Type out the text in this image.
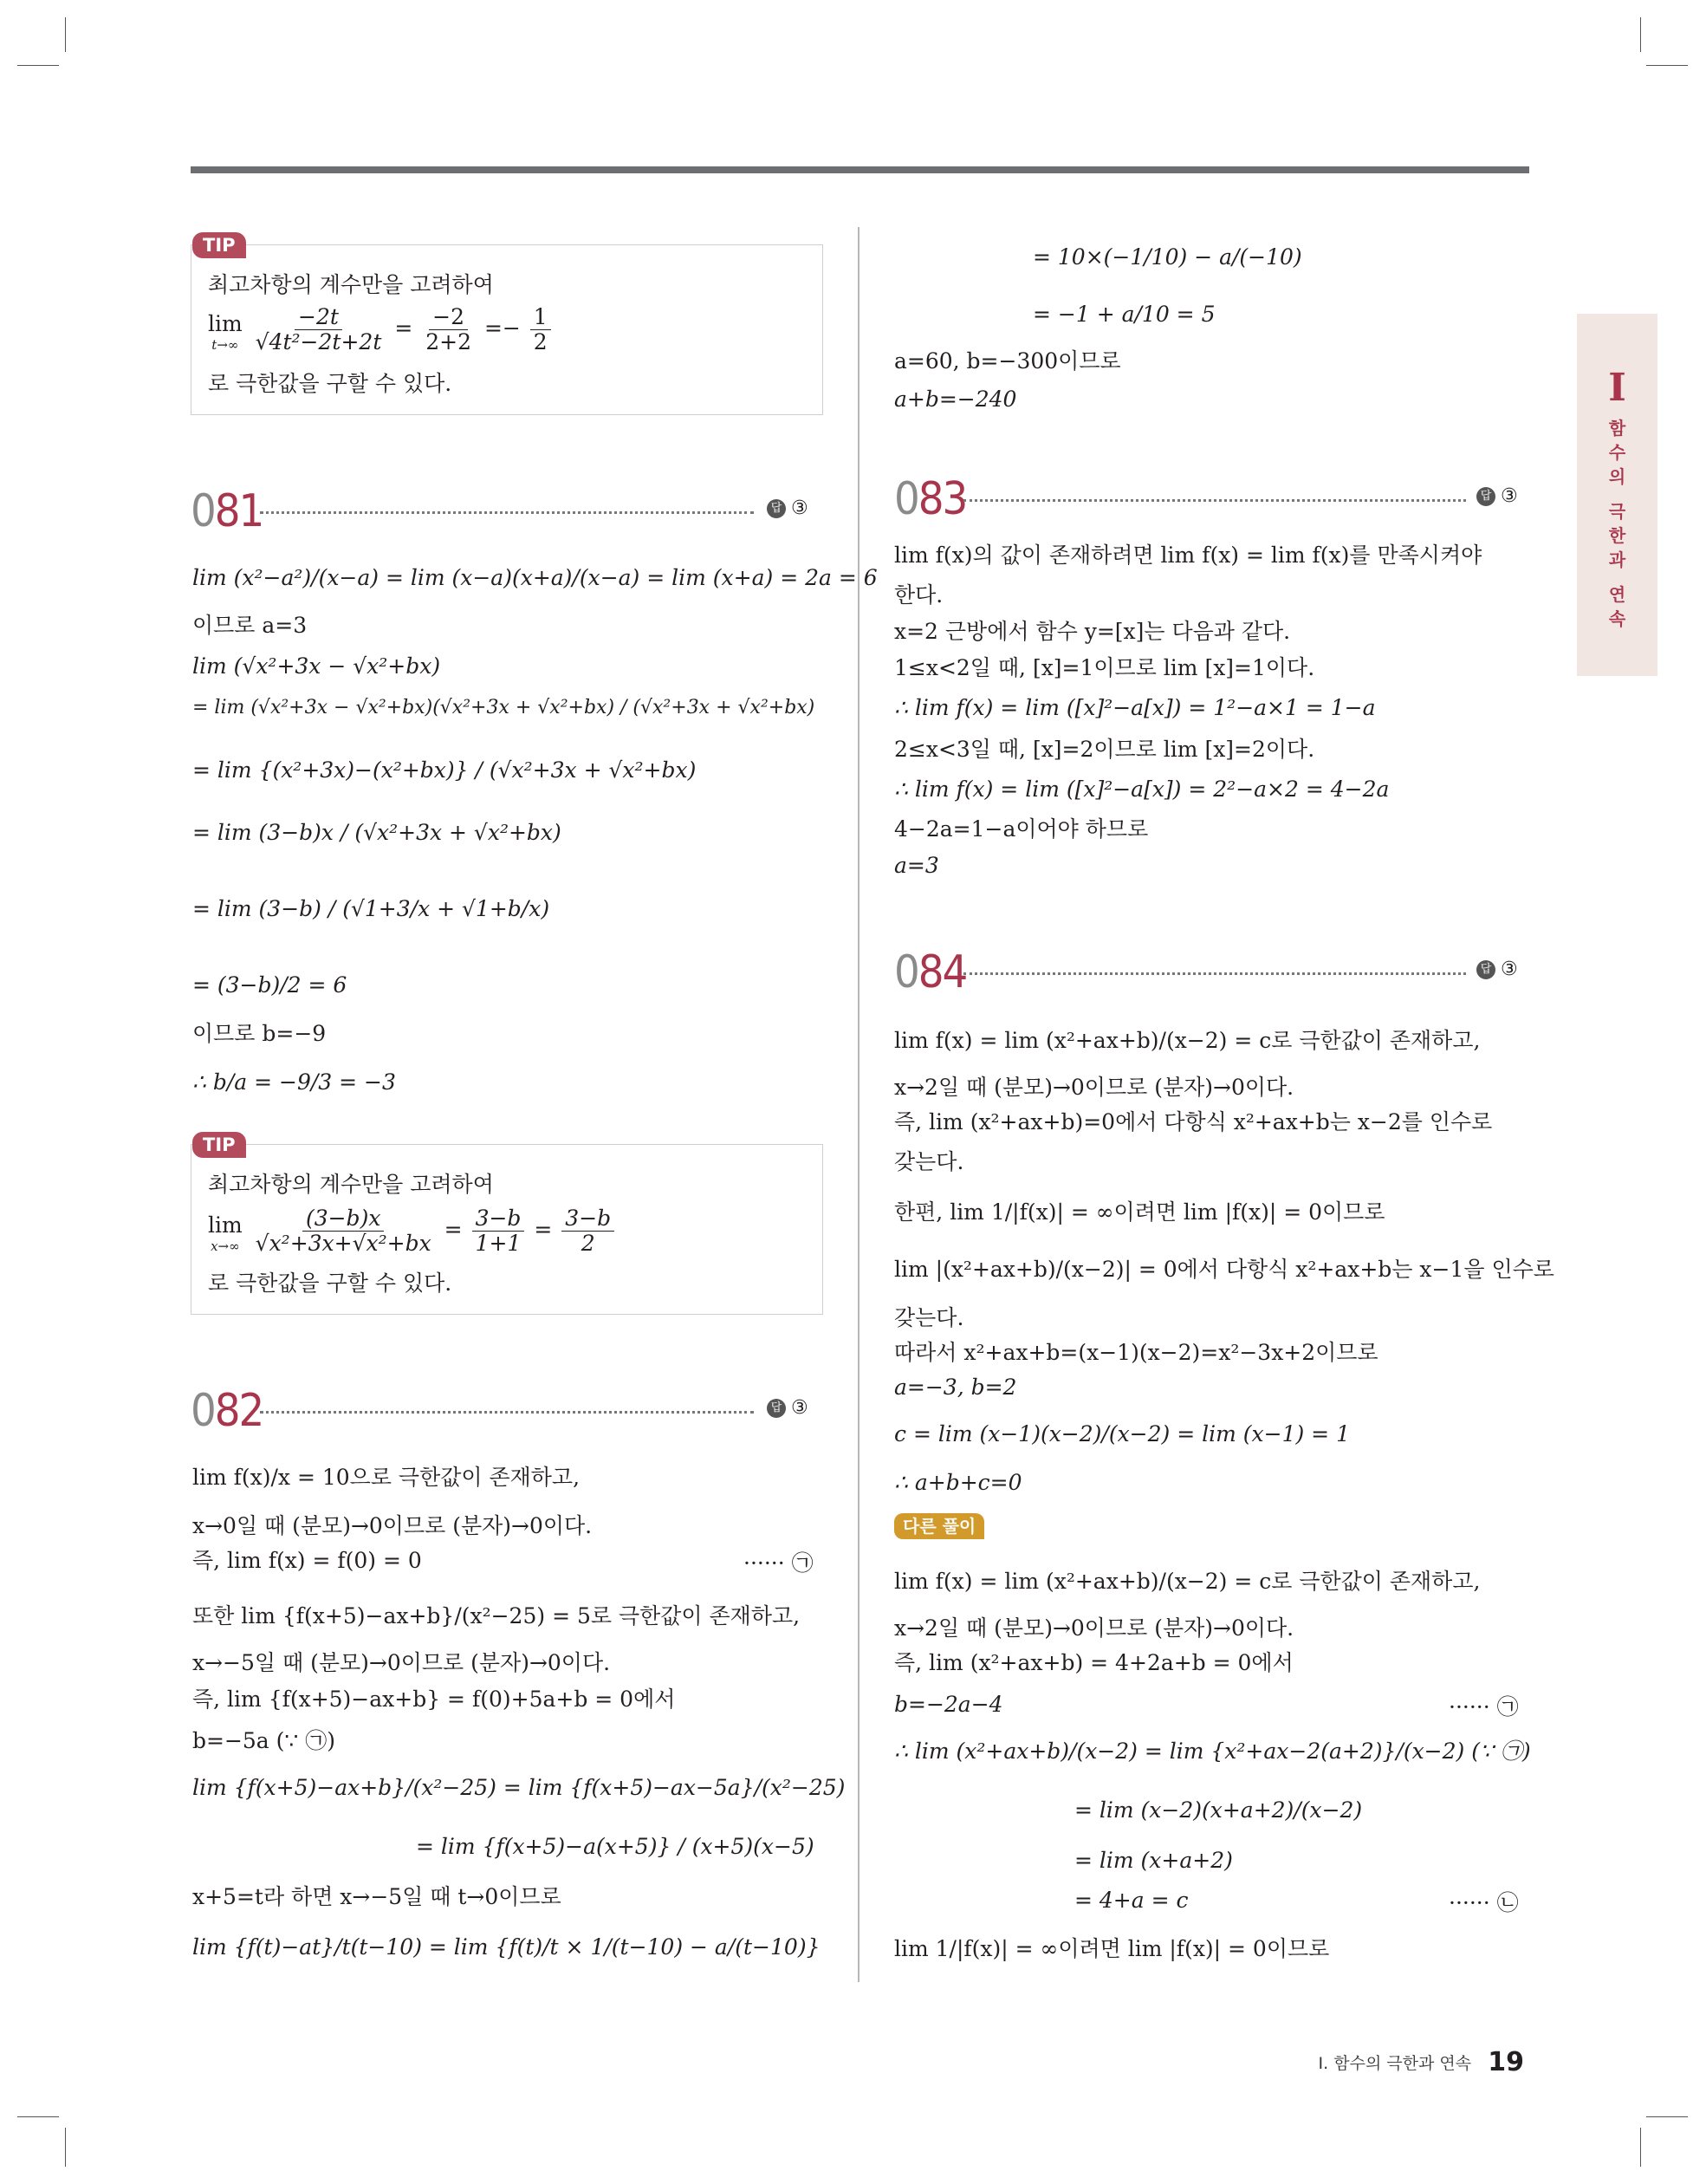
TIP
최고차항의 계수만을 고려하여
lim
t→∞
$\frac{-2t}{\text{√4t²−2t+2t}} = \frac{-2}{2+2} =- \frac{1}{2}$
로 극한값을 구할 수 있다.
081	답 ③
lim (x²−a²)/(x−a) = lim (x−a)(x+a)/(x−a) = lim (x+a) = 2a = 6
이므로 a=3
lim (√x²+3x − √x²+bx)
= lim (√x²+3x − √x²+bx)(√x²+3x + √x²+bx) / (√x²+3x + √x²+bx)
= lim {(x²+3x)−(x²+bx)} / (√x²+3x + √x²+bx)
= lim (3−b)x / (√x²+3x + √x²+bx)
= lim (3−b) / (√1+3/x + √1+b/x)
= (3−b)/2 = 6
이므로 b=−9
∴ b/a = −9/3 = −3
TIP
최고차항의 계수만을 고려하여
lim
x→∞
$\frac{(3-b)x}{\text{√x²+3x+√x²+bx}} = \frac{3-b}{1+1} = \frac{3-b}{2}$
로 극한값을 구할 수 있다.
082	답 ③
lim f(x)/x = 10으로 극한값이 존재하고,
x→0일 때 (분모)→0이므로 (분자)→0이다.
즉, lim f(x) = f(0) = 0	······ ㉠
또한 lim {f(x+5)−ax+b}/(x²−25) = 5로 극한값이 존재하고,
x→−5일 때 (분모)→0이므로 (분자)→0이다.
즉, lim {f(x+5)−ax+b} = f(0)+5a+b = 0에서
b=−5a (∵ ㉠)
lim {f(x+5)−ax+b}/(x²−25) = lim {f(x+5)−ax−5a}/(x²−25)
= lim {f(x+5)−a(x+5)} / (x+5)(x−5)
x+5=t라 하면 x→−5일 때 t→0이므로
lim {f(t)−at}/t(t−10) = lim {f(t)/t × 1/(t−10) − a/(t−10)}
= 10×(−1/10) − a/(−10)
= −1 + a/10 = 5
a=60, b=−300이므로
a+b=−240
083	답 ③
lim f(x)의 값이 존재하려면 lim f(x) = lim f(x)를 만족시켜야
한다.
x=2 근방에서 함수 y=[x]는 다음과 같다.
1≤x<2일 때, [x]=1이므로 lim [x]=1이다.
∴ lim f(x) = lim ([x]²−a[x]) = 1²−a×1 = 1−a
2≤x<3일 때, [x]=2이므로 lim [x]=2이다.
∴ lim f(x) = lim ([x]²−a[x]) = 2²−a×2 = 4−2a
4−2a=1−a이어야 하므로
a=3
084	답 ③
lim f(x) = lim (x²+ax+b)/(x−2) = c로 극한값이 존재하고,
x→2일 때 (분모)→0이므로 (분자)→0이다.
즉, lim (x²+ax+b)=0에서 다항식 x²+ax+b는 x−2를 인수로
갖는다.
한편, lim 1/|f(x)| = ∞이려면 lim |f(x)| = 0이므로
lim |(x²+ax+b)/(x−2)| = 0에서 다항식 x²+ax+b는 x−1을 인수로
갖는다.
따라서 x²+ax+b=(x−1)(x−2)=x²−3x+2이므로
a=−3, b=2
c = lim (x−1)(x−2)/(x−2) = lim (x−1) = 1
∴ a+b+c=0
다른 풀이
lim f(x) = lim (x²+ax+b)/(x−2) = c로 극한값이 존재하고,
x→2일 때 (분모)→0이므로 (분자)→0이다.
즉, lim (x²+ax+b) = 4+2a+b = 0에서
b=−2a−4	······ ㉠
∴ lim (x²+ax+b)/(x−2) = lim {x²+ax−2(a+2)}/(x−2) (∵ ㉠)
= lim (x−2)(x+a+2)/(x−2)
= lim (x+a+2)
= 4+a = c	······ ㉡
lim 1/|f(x)| = ∞이려면 lim |f(x)| = 0이므로
I
함
수
의

극
한
과

연
속
I. 함수의 극한과 연속 19
